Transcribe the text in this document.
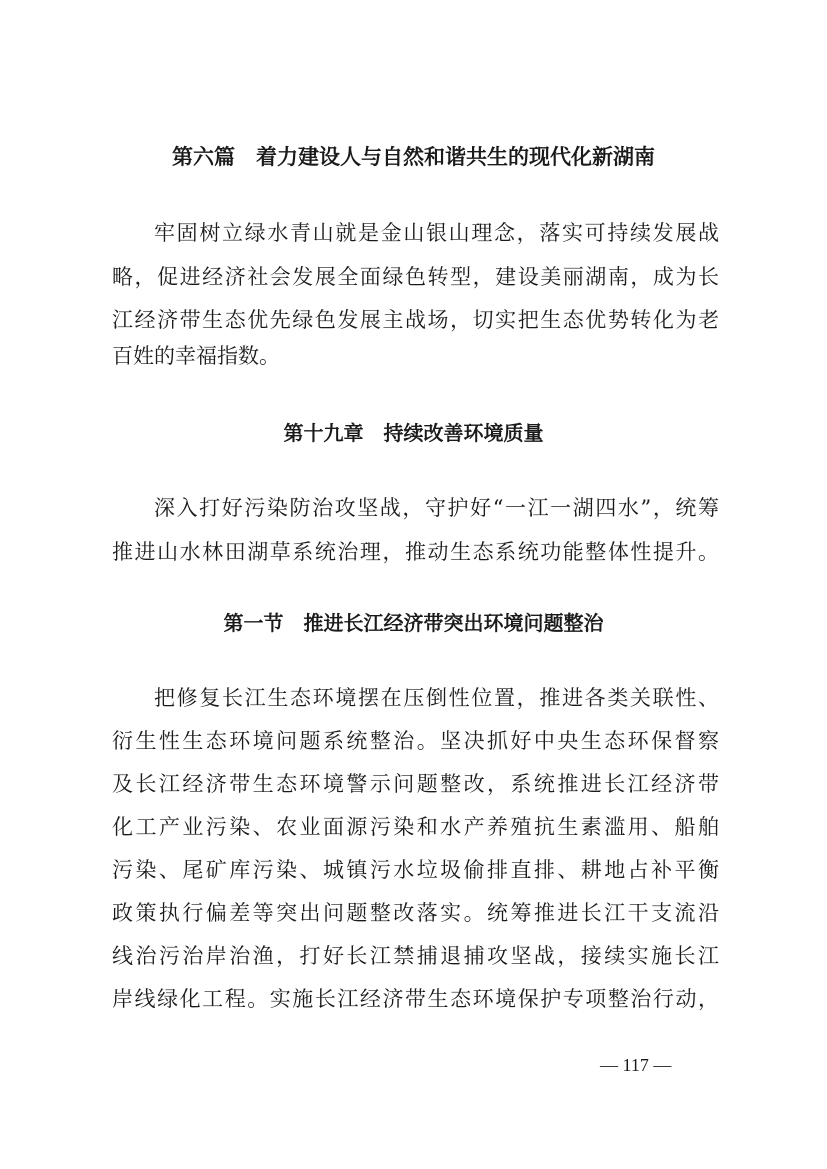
第六篇　着力建设人与自然和谐共生的现代化新湖南
牢固树立绿水青山就是金山银山理念，落实可持续发展战
略，促进经济社会发展全面绿色转型，建设美丽湖南，成为长
江经济带生态优先绿色发展主战场，切实把生态优势转化为老
百姓的幸福指数。
第十九章　持续改善环境质量
深入打好污染防治攻坚战，守护好“一江一湖四水”，统筹
推进山水林田湖草系统治理，推动生态系统功能整体性提升。
第一节　推进长江经济带突出环境问题整治
把修复长江生态环境摆在压倒性位置，推进各类关联性、
衍生性生态环境问题系统整治。坚决抓好中央生态环保督察
及长江经济带生态环境警示问题整改，系统推进长江经济带
化工产业污染、农业面源污染和水产养殖抗生素滥用、船舶
污染、尾矿库污染、城镇污水垃圾偷排直排、耕地占补平衡
政策执行偏差等突出问题整改落实。统筹推进长江干支流沿
线治污治岸治渔，打好长江禁捕退捕攻坚战，接续实施长江
岸线绿化工程。实施长江经济带生态环境保护专项整治行动，
— 117 —
